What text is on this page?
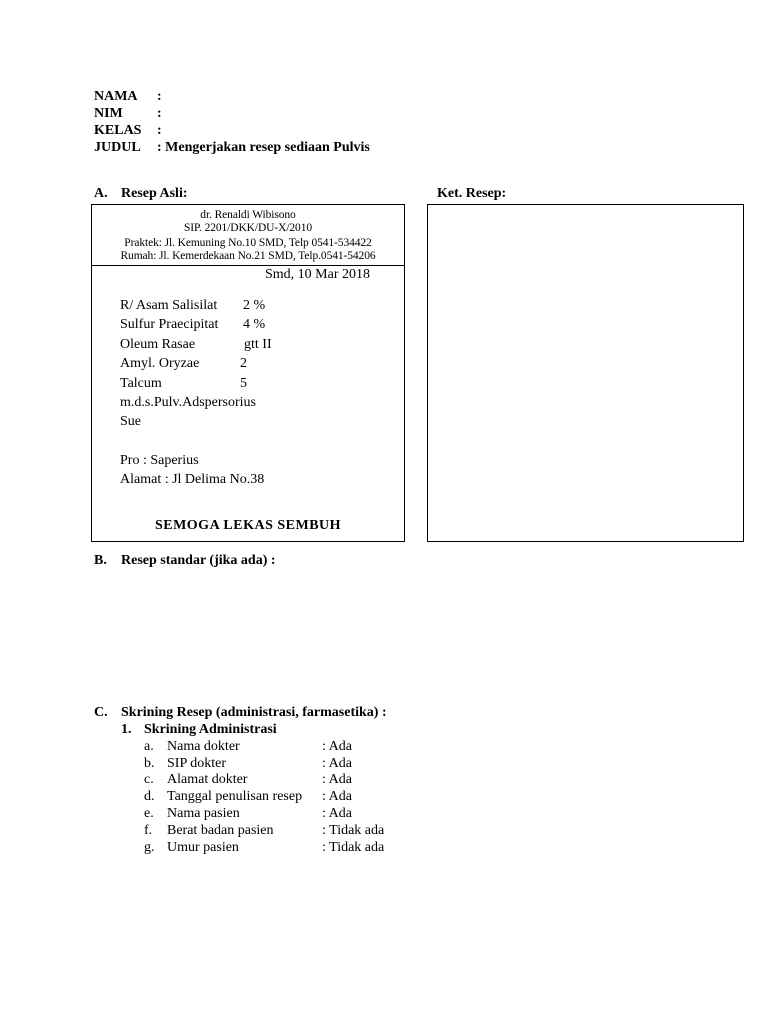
NAMA :
NIM :
KELAS :
JUDUL : Mengerjakan resep sediaan Pulvis
A. Resep Asli:	Ket. Resep:
dr. Renaldi Wibisono
SIP. 2201/DKK/DU-X/2010
Praktek: Jl. Kemuning No.10 SMD, Telp 0541-534422
Rumah: Jl. Kemerdekaan No.21 SMD, Telp.0541-54206
Smd, 10 Mar 2018
R/ Asam Salisilat 2 %
Sulfur Praecipitat 4 %
Oleum Rasae	gtt II
Amyl. Oryzae	2
Talcum	5
m.d.s.Pulv.Adspersorius
Sue
Pro : Saperius
Alamat : Jl Delima No.38
SEMOGA LEKAS SEMBUH
B. Resep standar (jika ada) :
C. Skrining Resep (administrasi, farmasetika) :
1. Skrining Administrasi
a. Nama dokter	: Ada
b. SIP dokter	: Ada
c. Alamat dokter	: Ada
d. Tanggal penulisan resep : Ada
e. Nama pasien	: Ada
f. Berat badan pasien	: Tidak ada
g. Umur pasien	: Tidak ada
